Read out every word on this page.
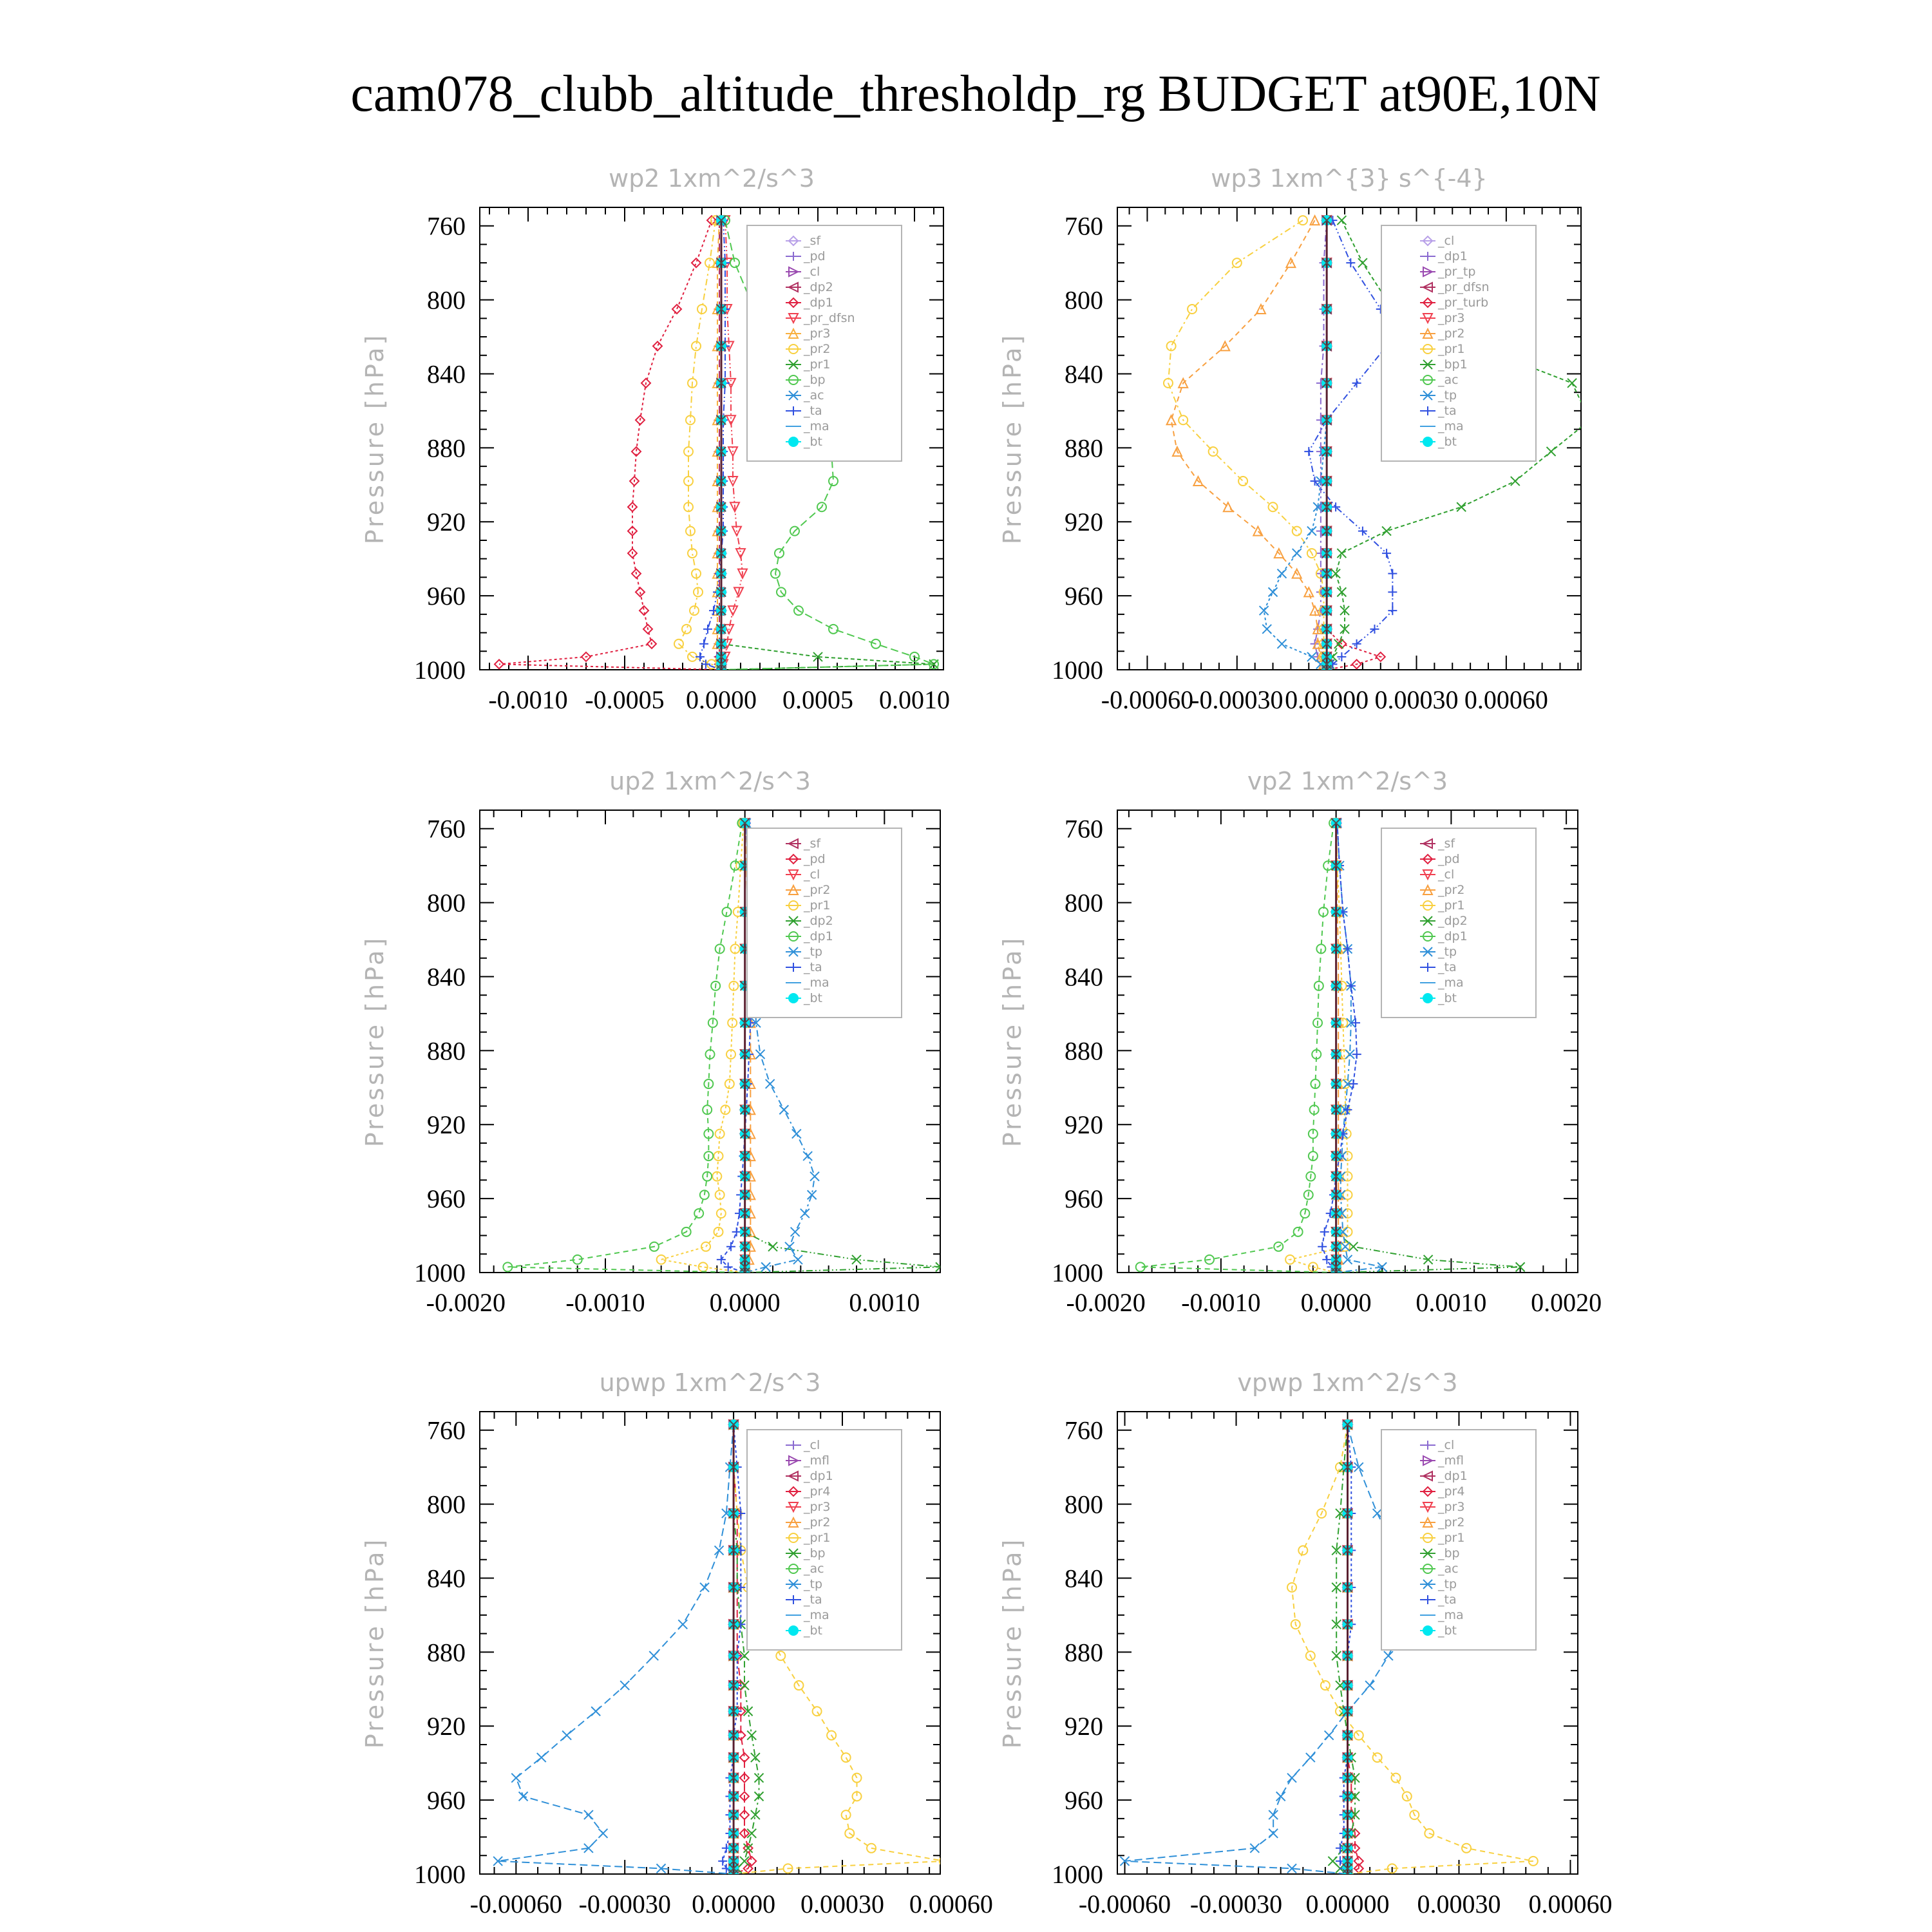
cam078_clubb_altitude_thresholdp_rg BUDGET at90E,10N
wp2 1xm^2/s^3
Pressure [hPa]
760
800
840
880
920
960
1000
-0.0010 -0.0005 0.0000 0.0005 0.0010
_sf
_pd
_cl
_dp2
_dp1
_pr_dfsn
_pr3
_pr2
_pr1
_bp
_ac
_ta
_ma
_bt
wp3 1xm^{3} s^{-4}
Pressure [hPa]
760
800
840
880
920
960
1000
-0.00060
-0.00030 0.00000 0.00030 0.00060
_cl
_dp1
_pr_tp
_pr_dfsn
_pr_turb
_pr3
_pr2
_pr1
_bp1
_ac
_tp
_ta
_ma
_bt
up2 1xm^2/s^3
Pressure [hPa]
760
800
840
880
920
960
1000
-0.0020 -0.0010	0.0000	0.0010
_sf
_pd
_cl
_pr2
_pr1
_dp2
_dp1
_tp
_ta
_ma
_bt
vp2 1xm^2/s^3
Pressure [hPa]
760
800
840
880
920
960
1000
-0.0020 -0.0010 0.0000 0.0010 0.0020
_sf
_pd
_cl
_pr2
_pr1
_dp2
_dp1
_tp
_ta
_ma
_bt
upwp 1xm^2/s^3
Pressure [hPa]
760
800
840
880
920
960
1000
-0.00060 -0.00030 0.00000 0.00030 0.00060
_cl
_mfl
_dp1
_pr4
_pr3
_pr2
_pr1
_bp
_ac
_tp
_ta
_ma
_bt
vpwp 1xm^2/s^3
Pressure [hPa]
760
800
840
880
920
960
1000
-0.00060 -0.00030 0.00000 0.00030 0.00060
_cl
_mfl
_dp1
_pr4
_pr3
_pr2
_pr1
_bp
_ac
_tp
_ta
_ma
_bt
